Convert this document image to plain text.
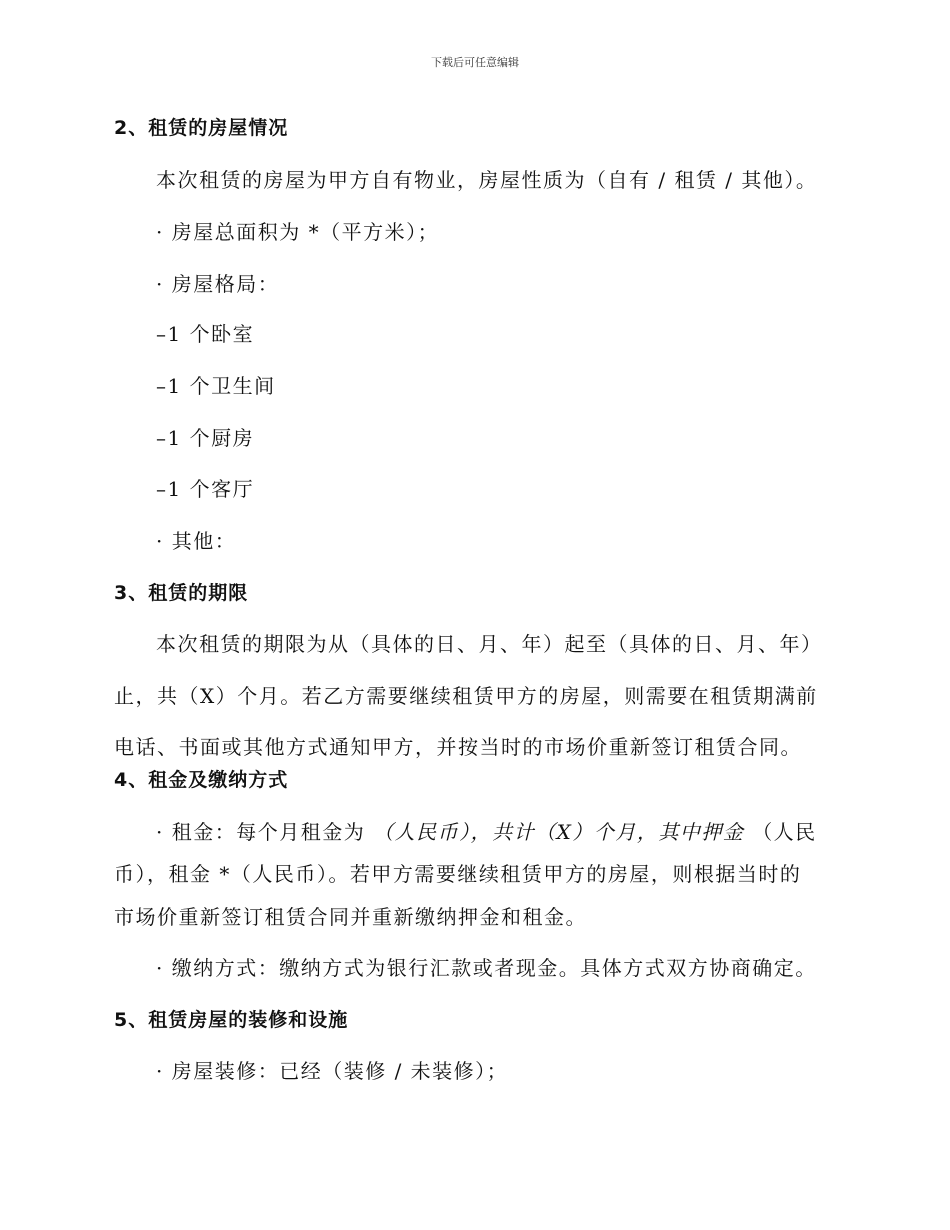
下载后可任意编辑
2、租赁的房屋情况
本次租赁的房屋为甲方自有物业，房屋性质为（自有 / 租赁 / 其他）。
· 房屋总面积为 *（平方米）；
· 房屋格局：
–1 个卧室
–1 个卫生间
–1 个厨房
–1 个客厅
· 其他：
3、租赁的期限
本次租赁的期限为从（具体的日、月、年）起至（具体的日、月、年）
止，共（X）个月。若乙方需要继续租赁甲方的房屋，则需要在租赁期满前
电话、书面或其他方式通知甲方，并按当时的市场价重新签订租赁合同。
4、租金及缴纳方式
· 租金：每个月租金为 （人民币），共计（X）个月，其中押金 （人民
币），租金 *（人民币）。若甲方需要继续租赁甲方的房屋，则根据当时的
市场价重新签订租赁合同并重新缴纳押金和租金。
· 缴纳方式：缴纳方式为银行汇款或者现金。具体方式双方协商确定。
5、租赁房屋的装修和设施
· 房屋装修：已经（装修 / 未装修）；
